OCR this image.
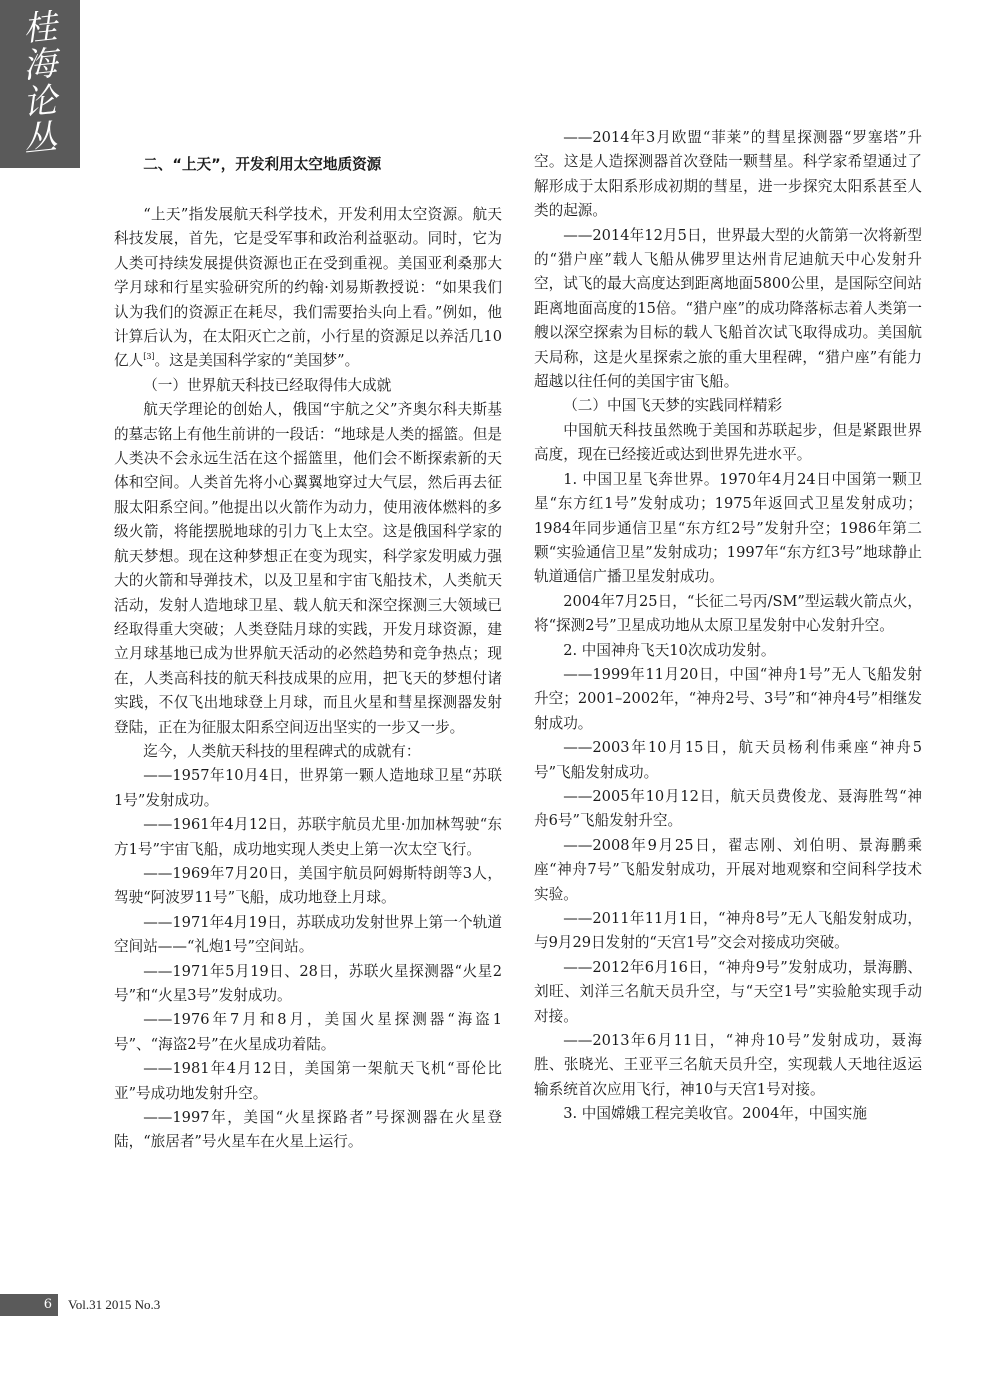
桂
海
论
丛
二、“上天”，开发利用太空地质资源

“上天”指发展航天科学技术，开发利用太空资源。航天科技发展，首先，它是受军事和政治利益驱动。同时，它为人类可持续发展提供资源也正在受到重视。美国亚利桑那大学月球和行星实验研究所的约翰·刘易斯教授说：“如果我们认为我们的资源正在耗尽，我们需要抬头向上看。”例如，他计算后认为，在太阳灭亡之前，小行星的资源足以养活几10亿人[3]。这是美国科学家的“美国梦”。

（一）世界航天科技已经取得伟大成就

航天学理论的创始人，俄国“宇航之父”齐奥尔科夫斯基的墓志铭上有他生前讲的一段话：“地球是人类的摇篮。但是人类决不会永远生活在这个摇篮里，他们会不断探索新的天体和空间。人类首先将小心翼翼地穿过大气层，然后再去征服太阳系空间。”他提出以火箭作为动力，使用液体燃料的多级火箭，将能摆脱地球的引力飞上太空。这是俄国科学家的航天梦想。现在这种梦想正在变为现实，科学家发明威力强大的火箭和导弹技术，以及卫星和宇宙飞船技术，人类航天活动，发射人造地球卫星、载人航天和深空探测三大领域已经取得重大突破；人类登陆月球的实践，开发月球资源，建立月球基地已成为世界航天活动的必然趋势和竞争热点；现在，人类高科技的航天科技成果的应用，把飞天的梦想付诸实践，不仅飞出地球登上月球，而且火星和彗星探测器发射登陆，正在为征服太阳系空间迈出坚实的一步又一步。

迄今，人类航天科技的里程碑式的成就有：

——1957年10月4日，世界第一颗人造地球卫星“苏联1号”发射成功。

——1961年4月12日，苏联宇航员尤里·加加林驾驶“东方1号”宇宙飞船，成功地实现人类史上第一次太空飞行。

——1969年7月20日，美国宇航员阿姆斯特朗等3人，驾驶“阿波罗11号”飞船，成功地登上月球。

——1971年4月19日，苏联成功发射世界上第一个轨道空间站——“礼炮1号”空间站。

——1971年5月19日、28日，苏联火星探测器“火星2号”和“火星3号”发射成功。

——1976年7月和8月，美国火星探测器“海盗1号”、“海盗2号”在火星成功着陆。

——1981年4月12日，美国第一架航天飞机“哥伦比亚”号成功地发射升空。

——1997年，美国“火星探路者”号探测器在火星登陆，“旅居者”号火星车在火星上运行。

——2014年3月欧盟“菲莱”的彗星探测器“罗塞塔”升空。这是人造探测器首次登陆一颗彗星。科学家希望通过了解形成于太阳系形成初期的彗星，进一步探究太阳系甚至人类的起源。

——2014年12月5日，世界最大型的火箭第一次将新型的“猎户座”载人飞船从佛罗里达州肯尼迪航天中心发射升空，试飞的最大高度达到距离地面5800公里，是国际空间站距离地面高度的15倍。“猎户座”的成功降落标志着人类第一艘以深空探索为目标的载人飞船首次试飞取得成功。美国航天局称，这是火星探索之旅的重大里程碑，“猎户座”有能力超越以往任何的美国宇宙飞船。

（二）中国飞天梦的实践同样精彩

中国航天科技虽然晚于美国和苏联起步，但是紧跟世界高度，现在已经接近或达到世界先进水平。

1. 中国卫星飞奔世界。1970年4月24日中国第一颗卫星“东方红1号”发射成功；1975年返回式卫星发射成功；1984年同步通信卫星“东方红2号”发射升空；1986年第二颗“实验通信卫星”发射成功；1997年“东方红3号”地球静止轨道通信广播卫星发射成功。

2004年7月25日，“长征二号丙/SM”型运载火箭点火，将“探测2号”卫星成功地从太原卫星发射中心发射升空。

2. 中国神舟飞天10次成功发射。

——1999年11月20日，中国“神舟1号”无人飞船发射升空；2001–2002年，“神舟2号、3号”和“神舟4号”相继发射成功。

——2003年10月15日，航天员杨利伟乘座“神舟5号”飞船发射成功。

——2005年10月12日，航天员费俊龙、聂海胜驾“神舟6号”飞船发射升空。

——2008年9月25日，翟志刚、刘伯明、景海鹏乘座“神舟7号”飞船发射成功，开展对地观察和空间科学技术实验。

——2011年11月1日，“神舟8号”无人飞船发射成功，与9月29日发射的“天宫1号”交会对接成功突破。

——2012年6月16日，“神舟9号”发射成功，景海鹏、刘旺、刘洋三名航天员升空，与“天空1号”实验舱实现手动对接。

——2013年6月11日，“神舟10号”发射成功，聂海胜、张晓光、王亚平三名航天员升空，实现载人天地往返运输系统首次应用飞行，神10与天宫1号对接。

3. 中国嫦娥工程完美收官。2004年，中国实施

6	Vol.31 2015 No.3
